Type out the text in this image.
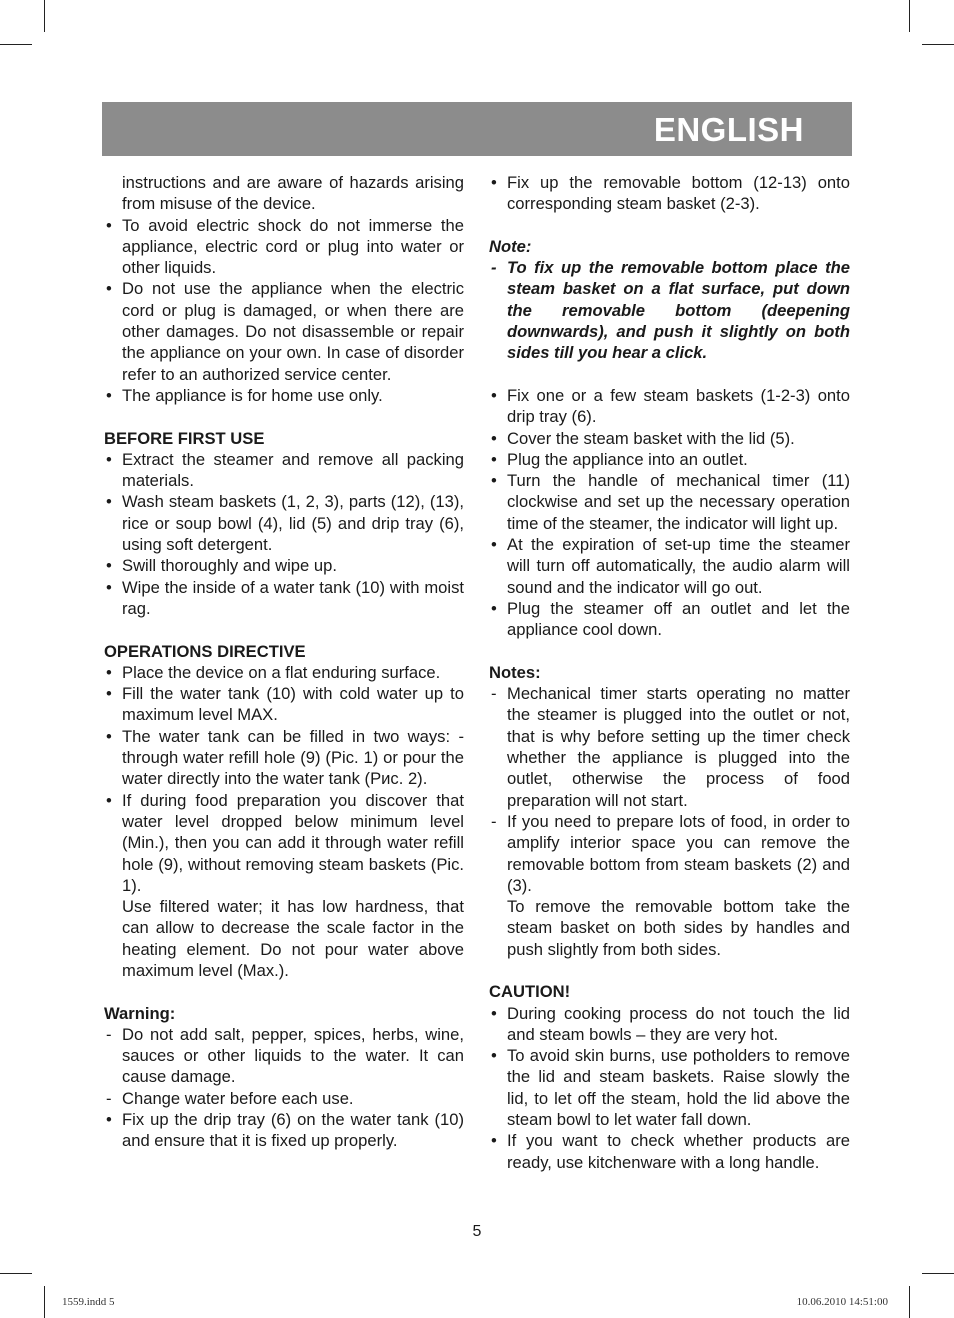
ENGLISH
instructions and are aware of hazards arising from misuse of the device.
• To avoid electric shock do not immerse the appliance, electric cord or plug into water or other liquids.
• Do not use the appliance when the electric cord or plug is damaged, or when there are other damages. Do not disassemble or repair the appliance on your own. In case of disorder refer to an authorized service center.
• The appliance is for home use only.
BEFORE FIRST USE
• Extract the steamer and remove all packing materials.
• Wash steam baskets (1, 2, 3), parts (12), (13), rice or soup bowl (4), lid (5) and drip tray (6), using soft detergent.
• Swill thoroughly and wipe up.
• Wipe the inside of a water tank (10) with moist rag.
OPERATIONS DIRECTIVE
• Place the device on a flat enduring surface.
• Fill the water tank (10) with cold water up to maximum level MAX.
• The water tank can be filled in two ways: - through water refill hole (9) (Pic. 1) or pour the water directly into the water tank (Рис. 2).
• If during food preparation you discover that water level dropped below minimum level (Min.), then you can add it through water refill hole (9), without removing steam baskets (Pic. 1).
Use filtered water; it has low hardness, that can allow to decrease the scale factor in the heating element. Do not pour water above maximum level (Max.).
Warning:
- Do not add salt, pepper, spices, herbs, wine, sauces or other liquids to the water. It can cause damage.
- Change water before each use.
• Fix up the drip tray (6) on the water tank (10) and ensure that it is fixed up properly.
• Fix up the removable bottom (12-13) onto corresponding steam basket (2-3).
Note:
- To fix up the removable bottom place the steam basket on a flat surface, put down the removable bottom (deepening downwards), and push it slightly on both sides till you hear a click.
• Fix one or a few steam baskets (1-2-3) onto drip tray (6).
• Cover the steam basket with the lid (5).
• Plug the appliance into an outlet.
• Turn the handle of mechanical timer (11) clockwise and set up the necessary operation time of the steamer, the indicator will light up.
• At the expiration of set-up time the steamer will turn off automatically, the audio alarm will sound and the indicator will go out.
• Plug the steamer off an outlet and let the appliance cool down.
Notes:
- Mechanical timer starts operating no matter the steamer is plugged into the outlet or not, that is why before setting up the timer check whether the appliance is plugged into the outlet, otherwise the process of food preparation will not start.
- If you need to prepare lots of food, in order to amplify interior space you can remove the removable bottom from steam baskets (2) and (3).
To remove the removable bottom take the steam basket on both sides by handles and push slightly from both sides.
CAUTION!
• During cooking process do not touch the lid and steam bowls – they are very hot.
• To avoid skin burns, use potholders to remove the lid and steam baskets. Raise slowly the lid, to let off the steam, hold the lid above the steam bowl to let water fall down.
• If you want to check whether products are ready, use kitchenware with a long handle.
5
1559.indd 5	10.06.2010 14:51:00
